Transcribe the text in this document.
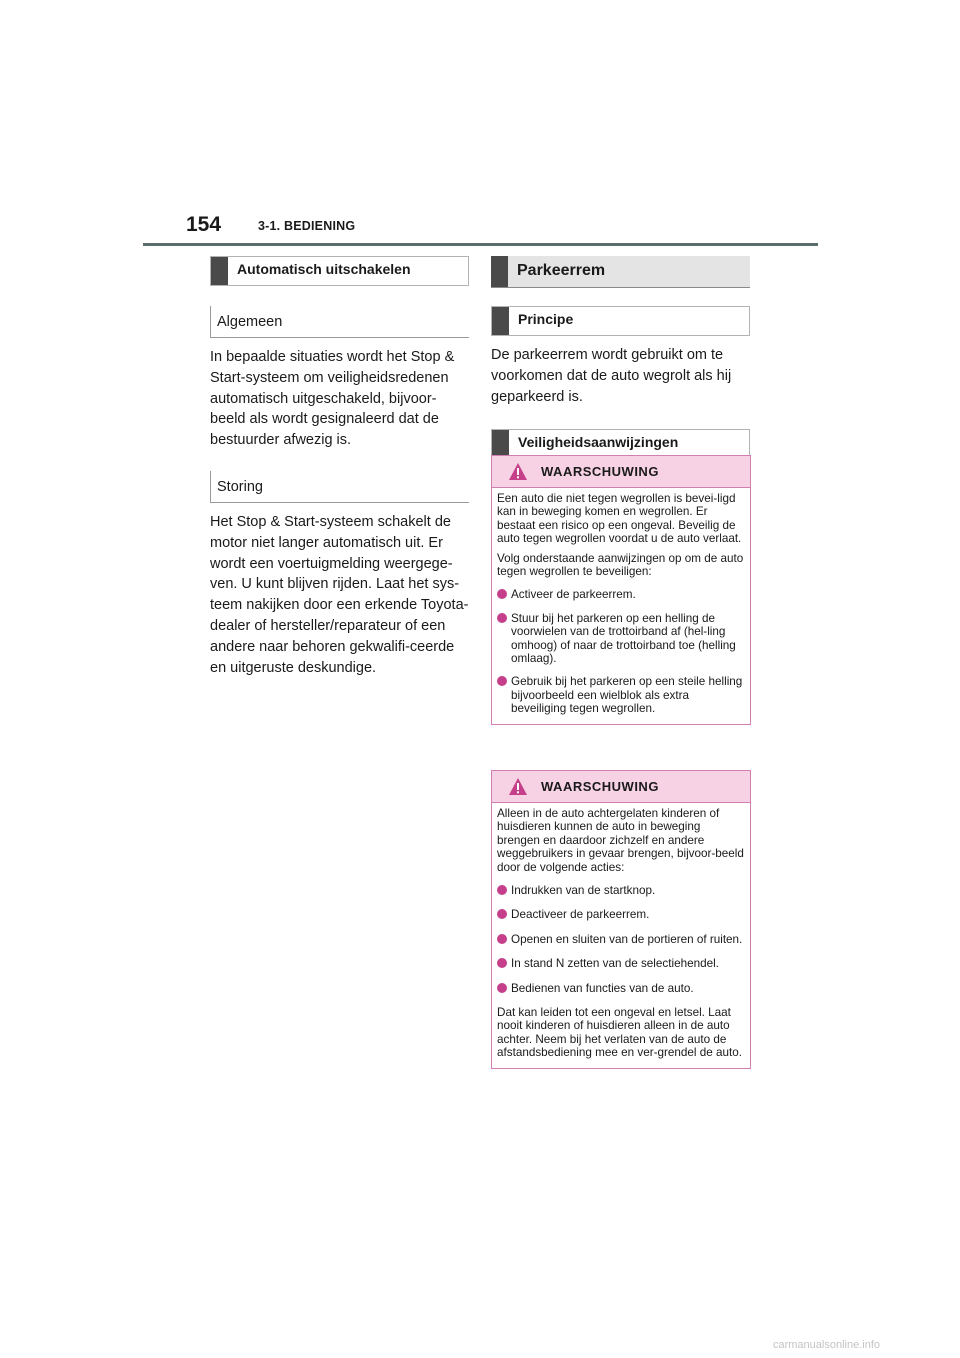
154	3-1. BEDIENING
Automatisch uitschakelen
Algemeen
In bepaalde situaties wordt het Stop & Start-systeem om veiligheidsredenen automatisch uitgeschakeld, bijvoor-beeld als wordt gesignaleerd dat de bestuurder afwezig is.
Storing
Het Stop & Start-systeem schakelt de motor niet langer automatisch uit. Er wordt een voertuigmelding weergege-ven. U kunt blijven rijden. Laat het sys-teem nakijken door een erkende Toyota-dealer of hersteller/reparateur of een andere naar behoren gekwalifi-ceerde en uitgeruste deskundige.
Parkeerrem
Principe
De parkeerrem wordt gebruikt om te voorkomen dat de auto wegrolt als hij geparkeerd is.
Veiligheidsaanwijzingen
WAARSCHUWING

Een auto die niet tegen wegrollen is bevei-ligd kan in beweging komen en wegrollen. Er bestaat een risico op een ongeval. Beveilig de auto tegen wegrollen voordat u de auto verlaat.

Volg onderstaande aanwijzingen op om de auto tegen wegrollen te beveiligen:

Activeer de parkeerrem.
Stuur bij het parkeren op een helling de voorwielen van de trottoirband af (hel-ling omhoog) of naar de trottoirband toe (helling omlaag).
Gebruik bij het parkeren op een steile helling bijvoorbeeld een wielblok als extra beveiliging tegen wegrollen.
WAARSCHUWING

Alleen in de auto achtergelaten kinderen of huisdieren kunnen de auto in beweging brengen en daardoor zichzelf en andere weggebruikers in gevaar brengen, bijvoor-beeld door de volgende acties:

Indrukken van de startknop.
Deactiveer de parkeerrem.
Openen en sluiten van de portieren of ruiten.
In stand N zetten van de selectiehendel.
Bedienen van functies van de auto.

Dat kan leiden tot een ongeval en letsel. Laat nooit kinderen of huisdieren alleen in de auto achter. Neem bij het verlaten van de auto de afstandsbediening mee en ver-grendel de auto.

carmanualsonline.info
